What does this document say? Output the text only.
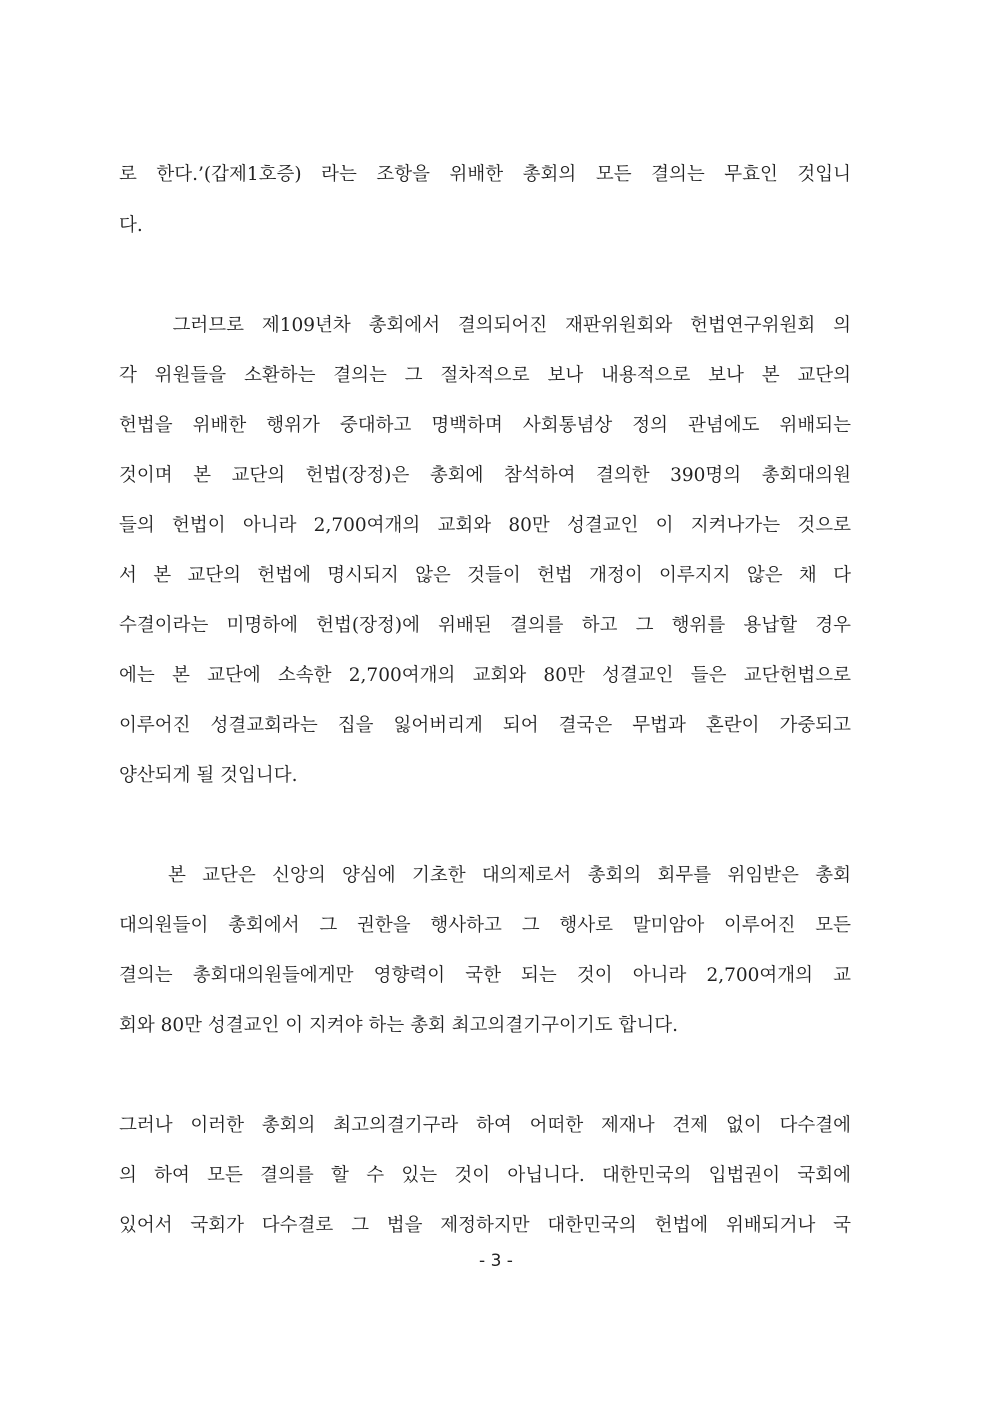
로 한다.’(갑제1호증) 라는 조항을 위배한 총회의 모든 결의는 무효인 것입니
다.
그러므로 제109년차 총회에서 결의되어진 재판위원회와 헌법연구위원회 의
각 위원들을 소환하는 결의는 그 절차적으로 보나 내용적으로 보나 본 교단의
헌법을 위배한 행위가 중대하고 명백하며 사회통념상 정의 관념에도 위배되는
것이며 본 교단의 헌법(장정)은 총회에 참석하여 결의한 390명의 총회대의원
들의 헌법이 아니라 2,700여개의 교회와 80만 성결교인 이 지켜나가는 것으로
서 본 교단의 헌법에 명시되지 않은 것들이 헌법 개정이 이루지지 않은 채 다
수결이라는 미명하에 헌법(장정)에 위배된 결의를 하고 그 행위를 용납할 경우
에는 본 교단에 소속한 2,700여개의 교회와 80만 성결교인 들은 교단헌법으로
이루어진 성결교회라는 집을 잃어버리게 되어 결국은 무법과 혼란이 가중되고
양산되게 될 것입니다.
본 교단은 신앙의 양심에 기초한 대의제로서 총회의 회무를 위임받은 총회
대의원들이 총회에서 그 권한을 행사하고 그 행사로 말미암아 이루어진 모든
결의는 총회대의원들에게만 영향력이 국한 되는 것이 아니라 2,700여개의 교
회와 80만 성결교인 이 지켜야 하는 총회 최고의결기구이기도 합니다.
그러나 이러한 총회의 최고의결기구라 하여 어떠한 제재나 견제 없이 다수결에
의 하여 모든 결의를 할 수 있는 것이 아닙니다. 대한민국의 입법권이 국회에
있어서 국회가 다수결로 그 법을 제정하지만 대한민국의 헌법에 위배되거나 국
- 3 -
